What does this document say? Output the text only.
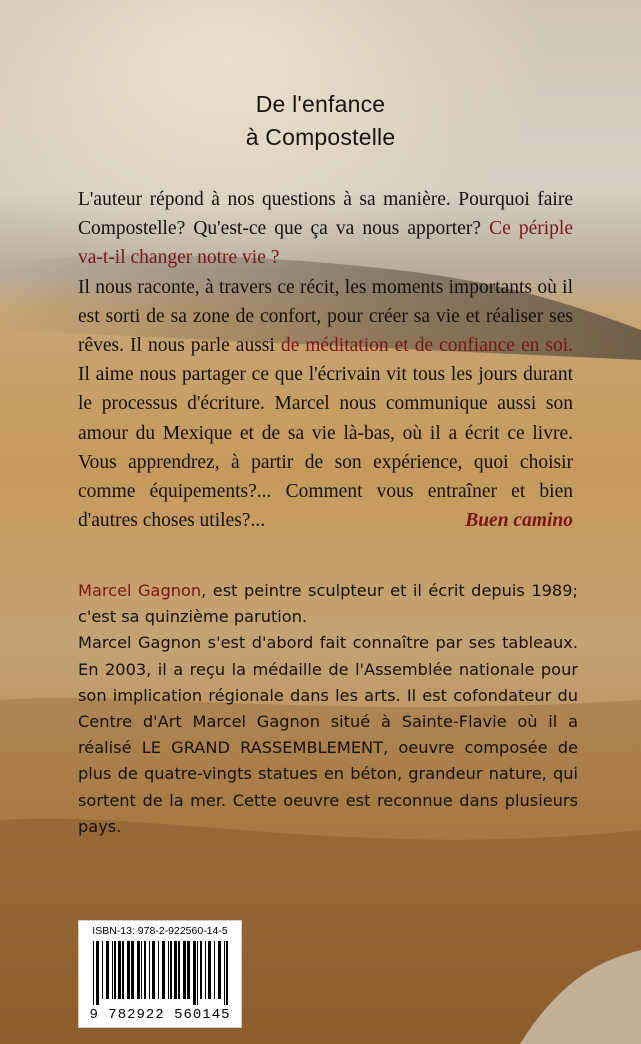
De l'enfance
à Compostelle

L'auteur répond à nos questions à sa manière. Pourquoi faire Compostelle? Qu'est-ce que ça va nous apporter? Ce périple va-t-il changer notre vie ?

Il nous raconte, à travers ce récit, les moments importants où il est sorti de sa zone de confort, pour créer sa vie et réaliser ses rêves. Il nous parle aussi de méditation et de confiance en soi. Il aime nous partager ce que l'écrivain vit tous les jours durant le processus d'écriture. Marcel nous communique aussi son amour du Mexique et de sa vie là-bas, où il a écrit ce livre. Vous apprendrez, à partir de son expérience, quoi choisir comme équipements?... Comment vous entraîner et bien d'autres choses utiles?...	Buen camino

Marcel Gagnon, est peintre sculpteur et il écrit depuis 1989; c'est sa quinzième parution.

Marcel Gagnon s'est d'abord fait connaître par ses tableaux. En 2003, il a reçu la médaille de l'Assemblée nationale pour son implication régionale dans les arts. Il est cofondateur du Centre d'Art Marcel Gagnon situé à Sainte-Flavie où il a réalisé LE GRAND RASSEMBLEMENT, oeuvre composée de plus de quatre-vingts statues en béton, grandeur nature, qui sortent de la mer. Cette oeuvre est reconnue dans plusieurs pays.

ISBN-13: 978-2-922560-14-5
9 782922 560145
